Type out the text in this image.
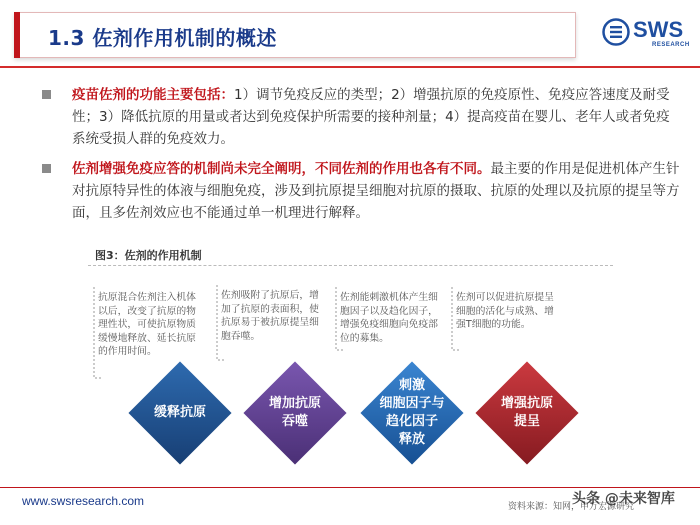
1.3 佐剂作用机制的概述	SWS
RESEARCH
疫苗佐剂的功能主要包括：1）调节免疫反应的类型；2）增强抗原的免疫原性、免疫应答速度及耐受性；3）降低抗原的用量或者达到免疫保护所需要的接种剂量；4）提高疫苗在婴儿、老年人或者免疫系统受损人群的免疫效力。
佐剂增强免疫应答的机制尚未完全阐明，不同佐剂的作用也各有不同。最主要的作用是促进机体产生针对抗原特异性的体液与细胞免疫，涉及到抗原提呈细胞对抗原的摄取、抗原的处理以及抗原的提呈等方面，且多佐剂效应也不能通过单一机理进行解释。
图3：佐剂的作用机制
抗原混合佐剂注入机体以后，改变了抗原的物理性状，可使抗原物质缓慢地释放、延长抗原的作用时间。
佐剂吸附了抗原后，增加了抗原的表面积，使抗原易于被抗原提呈细胞吞噬。
佐剂能刺激机体产生细胞因子以及趋化因子，增强免疫细胞向免疫部位的募集。
佐剂可以促进抗原提呈细胞的活化与成熟、增强T细胞的功能。
缓释抗原
增加抗原
吞噬
刺激
细胞因子与
趋化因子
释放
增强抗原
提呈
www.swsresearch.com	资料来源：知网，申万宏源研究
头条 @未来智库
